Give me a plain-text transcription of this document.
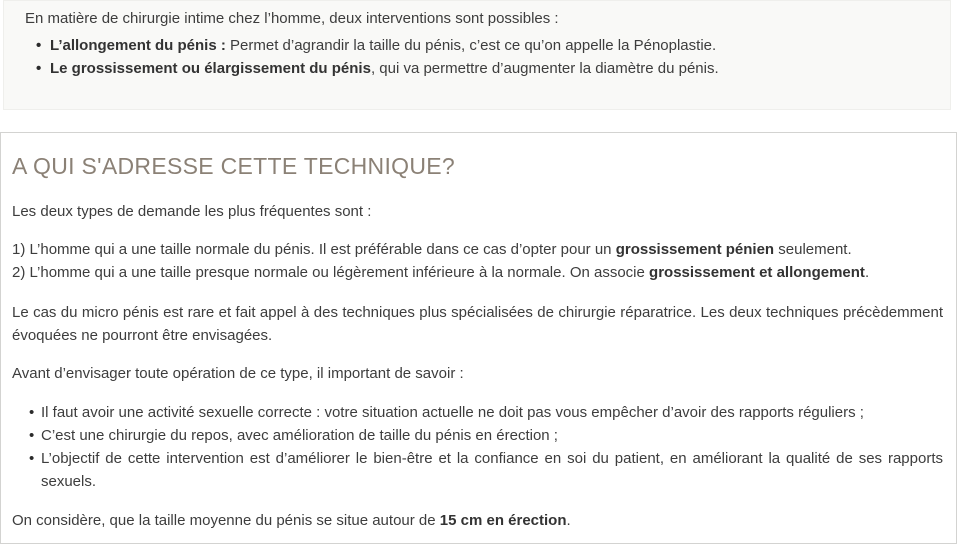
En matière de chirurgie intime chez l’homme, deux interventions sont possibles :

• L’allongement du pénis : Permet d’agrandir la taille du pénis, c’est ce qu’on appelle la Pénoplastie.
• Le grossissement ou élargissement du pénis, qui va permettre d’augmenter la diamètre du pénis.
A QUI S'ADRESSE CETTE TECHNIQUE?

Les deux types de demande les plus fréquentes sont :

1) L’homme qui a une taille normale du pénis. Il est préférable dans ce cas d’opter pour un grossissement pénien seulement.
2) L’homme qui a une taille presque normale ou légèrement inférieure à la normale. On associe grossissement et allongement.

Le cas du micro pénis est rare et fait appel à des techniques plus spécialisées de chirurgie réparatrice. Les deux techniques précèdemment évoquées ne pourront être envisagées.

Avant d’envisager toute opération de ce type, il important de savoir :

• Il faut avoir une activité sexuelle correcte : votre situation actuelle ne doit pas vous empêcher d’avoir des rapports réguliers ;
• C’est une chirurgie du repos, avec amélioration de taille du pénis en érection ;
• L’objectif de cette intervention est d’améliorer le bien-être et la confiance en soi du patient, en améliorant la qualité de ses rapports sexuels.

On considère, que la taille moyenne du pénis se situe autour de 15 cm en érection.
